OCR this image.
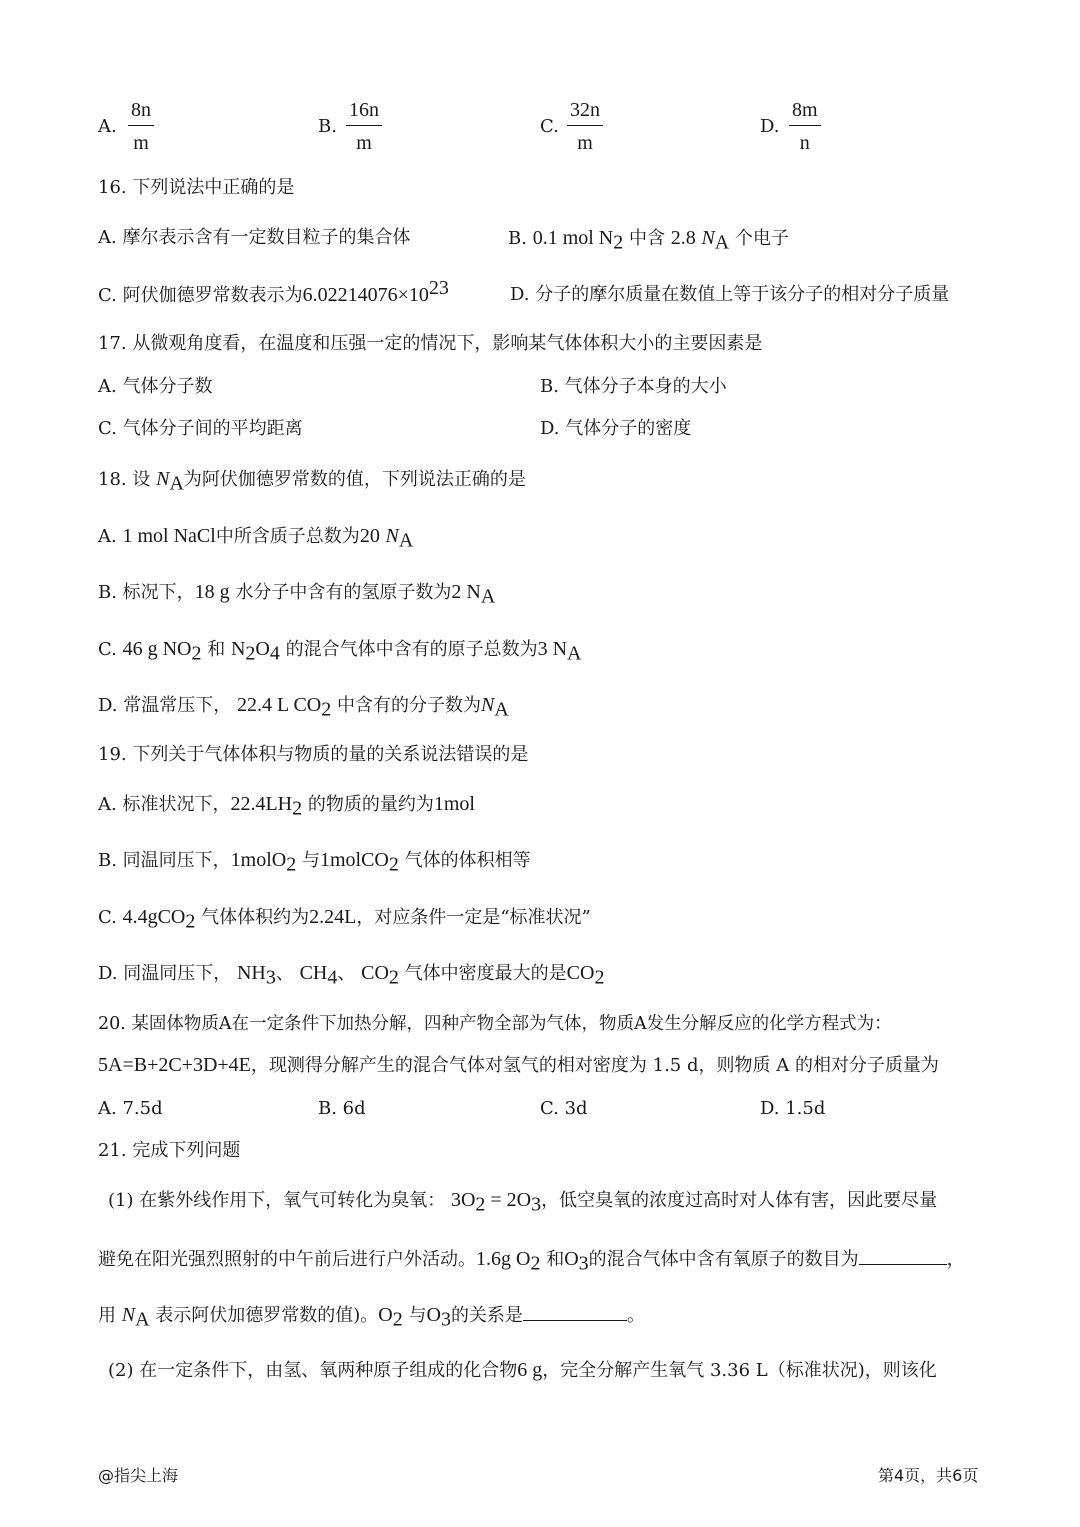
A. $\frac{8n}{m}$	B. $\frac{16n}{m}$	C. $\frac{32n}{m}$	D. $\frac{8m}{n}$
16. 下列说法中正确的是
A. 摩尔表示含有一定数目粒子的集合体	B. 0.1 mol $N_2$ 中含 2.8 $N_A$ 个电子
C. 阿伏伽德罗常数表示为$6.02214076\times 10^{23}$	D. 分子的摩尔质量在数值上等于该分子的相对分子质量
17. 从微观角度看，在温度和压强一定的情况下，影响某气体体积大小的主要因素是
A. 气体分子数	B. 气体分子本身的大小
C. 气体分子间的平均距离	D. 气体分子的密度
18. 设 $N_A$为阿伏伽德罗常数的值，下列说法正确的是
A. 1 mol NaCl中所含质子总数为20 $N_A$
B. 标况下，18 g 水分子中含有的氢原子数为2 $N_A$
C. 46 g $NO_2$ 和 $N_2O_4$ 的混合气体中含有的原子总数为3 $N_A$
D. 常温常压下， 22.4 L $CO_2$ 中含有的分子数为$N_A$
19. 下列关于气体体积与物质的量的关系说法错误的是
A. 标准状况下，$22.4LH_2$ 的物质的量约为1mol
B. 同温同压下，1molO$_2$ 与1molCO$_2$ 气体的体积相等
C. 4.4gCO$_2$ 气体体积约为2.24L，对应条件一定是“标准状况”
D. 同温同压下， $NH_3$、 $CH_4$、 $CO_2$ 气体中密度最大的是$CO_2$
20. 某固体物质A在一定条件下加热分解，四种产物全部为气体，物质A发生分解反应的化学方程式为：
5A=B+2C+3D+4E，现测得分解产生的混合气体对氢气的相对密度为 1.5 d，则物质 A 的相对分子质量为
A. 7.5d	B. 6d	C. 3d	D. 1.5d
21. 完成下列问题
(1) 在紫外线作用下，氧气可转化为臭氧： $3O_2 = 2O_3$，低空臭氧的浓度过高时对人体有害，因此要尽量
避免在阳光强烈照射的中午前后进行户外活动。1.6g $O_2$ 和$O_3$的混合气体中含有氧原子的数目为	，
用 $N_A$ 表示阿伏加德罗常数的值)。$O_2$ 与$O_3$的关系是	。
(2) 在一定条件下，由氢、氧两种原子组成的化合物6 g，完全分解产生氧气 3.36 L（标准状况)，则该化
@指尖上海	第4页，共6页
